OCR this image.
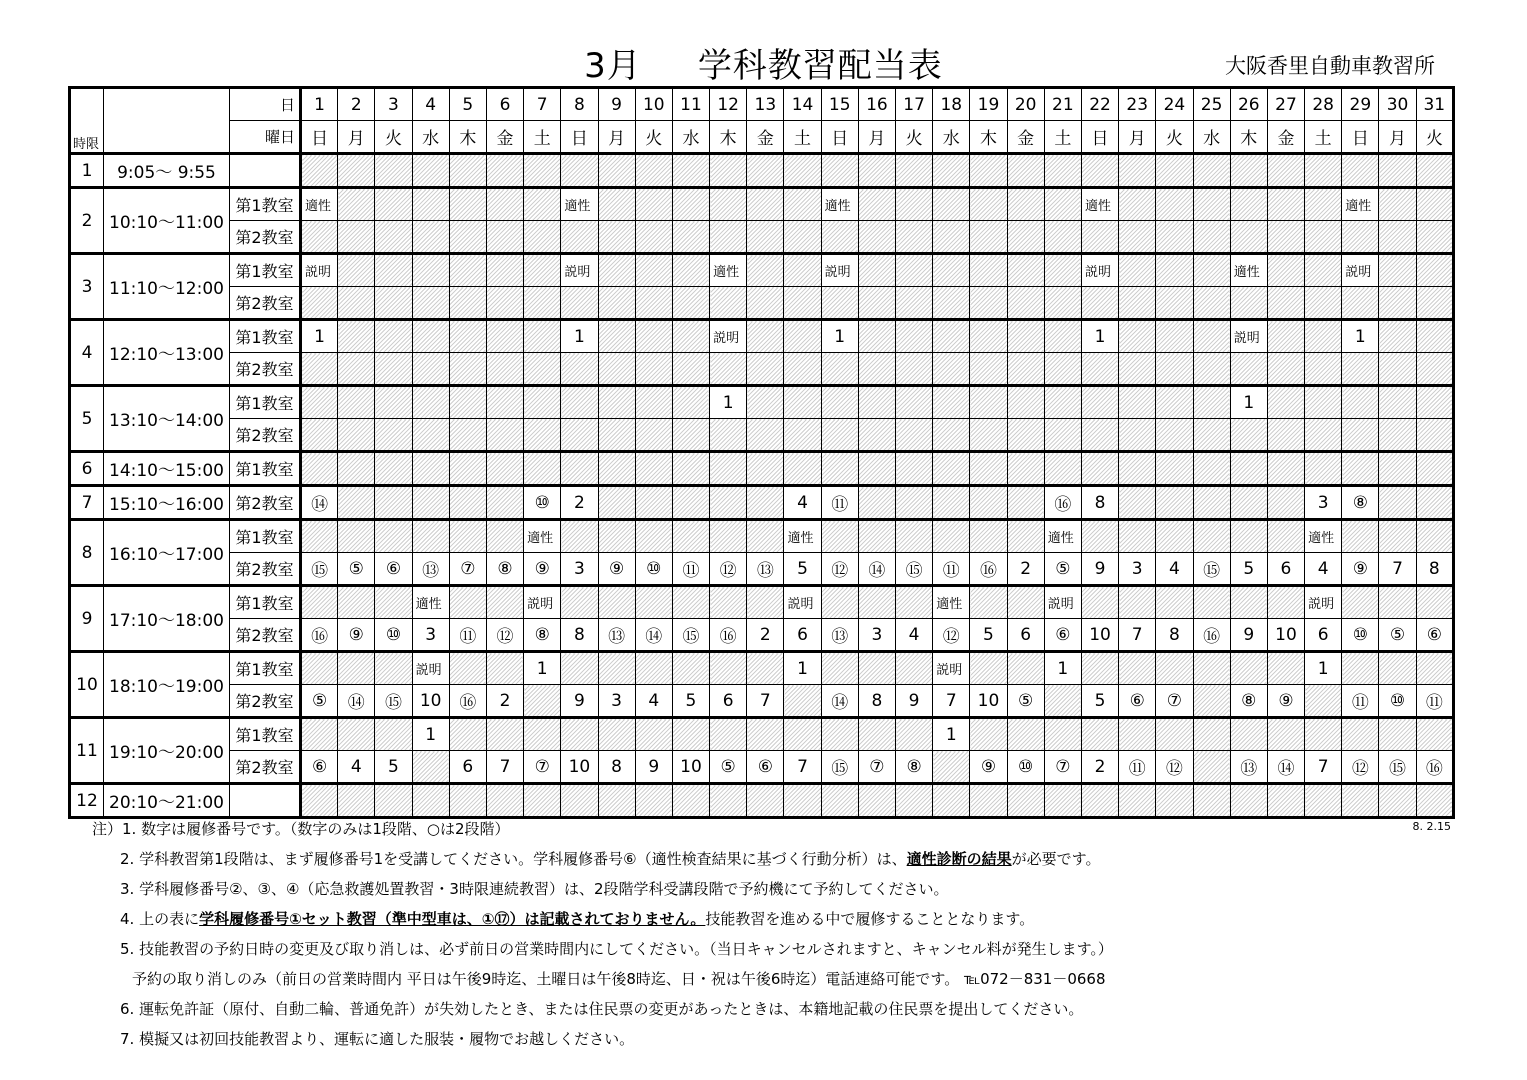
3月 学科教習配当表	大阪香里自動車教習所
時限		日	1	2	3	4	5	6	7	8	9	10	11	12	13	14	15	16	17	18	19	20	21	22	23	24	25	26	27	28	29	30	31
		曜日	日	月	火	水	木	金	土	日	月	火	水	木	金	土	日	月	火	水	木	金	土	日	月	火	水	木	金	土	日	月	火
1	9:05～ 9:55																																
2	10:10～11:00	第1教室	適性							適性							適性							適性							適性		
		第2教室																															
3	11:10～12:00	第1教室	説明							説明				適性			説明							説明				適性			説明		
		第2教室																															
4	12:10～13:00	第1教室	1							1				説明			1							1				説明			1		
		第2教室																															
5	13:10～14:00	第1教室												1														1					
		第2教室																															
6	14:10～15:00	第1教室																															
7	15:10～16:00	第2教室	⑭						⑩	2						4	⑪						⑯	8						3	⑧		
8	16:10～17:00	第1教室							適性							適性							適性							適性			
		第2教室	⑮	⑤	⑥	⑬	⑦	⑧	⑨	3	⑨	⑩	⑪	⑫	⑬	5	⑫	⑭	⑮	⑪	⑯	2	⑤	9	3	4	⑮	5	6	4	⑨	7	8
9	17:10～18:00	第1教室				適性			説明							説明				適性			説明							説明			
		第2教室	⑯	⑨	⑩	3	⑪	⑫	⑧	8	⑬	⑭	⑮	⑯	2	6	⑬	3	4	⑫	5	6	⑥	10	7	8	⑯	9	10	6	⑩	⑤	⑥
10	18:10～19:00	第1教室				説明			1							1				説明			1							1			
		第2教室	⑤	⑭	⑮	10	⑯	2		9	3	4	5	6	7		⑭	8	9	7	10	⑤		5	⑥	⑦		⑧	⑨		⑪	⑩	⑪
11	19:10～20:00	第1教室				1														1													
		第2教室	⑥	4	5		6	7	⑦	10	8	9	10	⑤	⑥	7	⑮	⑦	⑧		⑨	⑩	⑦	2	⑪	⑫		⑬	⑭	7	⑫	⑮	⑯
12	20:10～21:00																																
8. 2.15
注）1. 数字は履修番号です。（数字のみは1段階、○は2段階）
2. 学科教習第1段階は、まず履修番号1を受講してください。学科履修番号⑥（適性検査結果に基づく行動分析）は、適性診断の結果が必要です。
3. 学科履修番号②、③、④（応急救護処置教習・3時限連続教習）は、2段階学科受講段階で予約機にて予約してください。
4. 上の表に学科履修番号①セット教習（準中型車は、①⑰）は記載されておりません。技能教習を進める中で履修することとなります。
5. 技能教習の予約日時の変更及び取り消しは、必ず前日の営業時間内にしてください。（当日キャンセルされますと、キャンセル料が発生します。）
予約の取り消しのみ（前日の営業時間内 平日は午後9時迄、土曜日は午後8時迄、日・祝は午後6時迄）電話連絡可能です。 ℡072－831－0668
6. 運転免許証（原付、自動二輪、普通免許）が失効したとき、または住民票の変更があったときは、本籍地記載の住民票を提出してください。
7. 模擬又は初回技能教習より、運転に適した服装・履物でお越しください。
